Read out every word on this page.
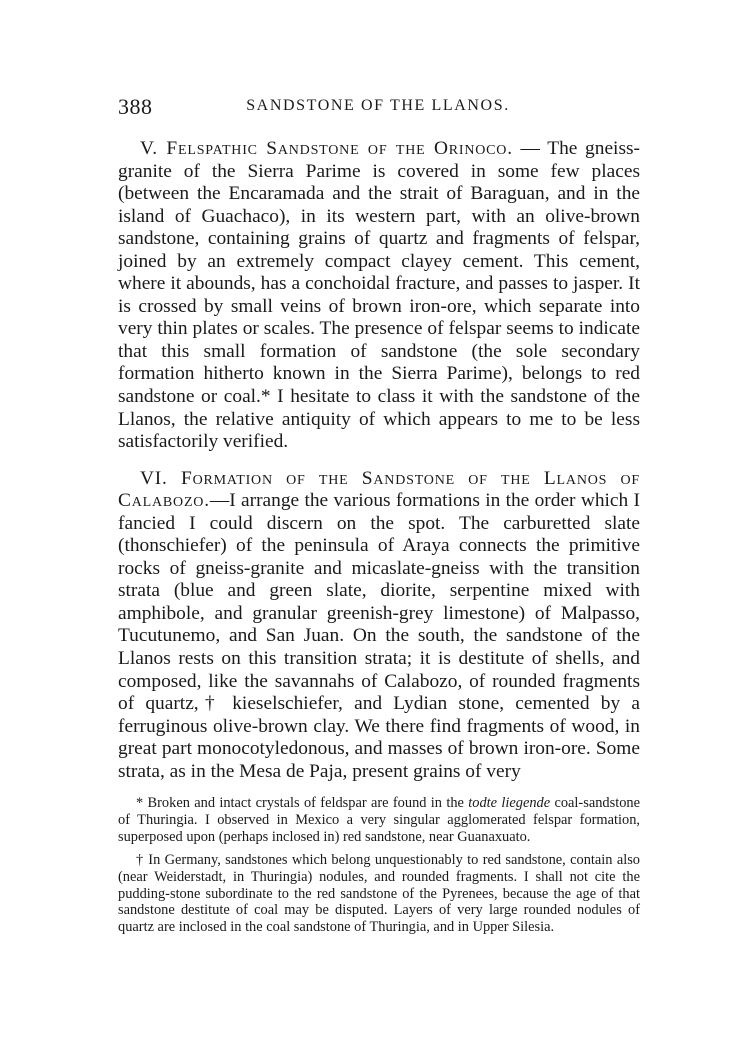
388	SANDSTONE OF THE LLANOS.

V. Felspathic Sandstone of the Orinoco. — The gneiss-granite of the Sierra Parime is covered in some few places (between the Encaramada and the strait of Baraguan, and in the island of Guachaco), in its western part, with an olive-brown sandstone, containing grains of quartz and fragments of felspar, joined by an extremely compact clayey cement. This cement, where it abounds, has a conchoidal fracture, and passes to jasper. It is crossed by small veins of brown iron-ore, which separate into very thin plates or scales. The presence of felspar seems to indicate that this small formation of sandstone (the sole secondary formation hitherto known in the Sierra Parime), belongs to red sandstone or coal.* I hesitate to class it with the sandstone of the Llanos, the relative antiquity of which appears to me to be less satisfactorily verified.

VI. Formation of the Sandstone of the Llanos of Calabozo.—I arrange the various formations in the order which I fancied I could discern on the spot. The carburetted slate (thonschiefer) of the peninsula of Araya connects the primitive rocks of gneiss-granite and micaslate-gneiss with the transition strata (blue and green slate, diorite, serpentine mixed with amphibole, and granular greenish-grey limestone) of Malpasso, Tucutunemo, and San Juan. On the south, the sandstone of the Llanos rests on this transition strata; it is destitute of shells, and composed, like the savannahs of Calabozo, of rounded fragments of quartz,† kieselschiefer, and Lydian stone, cemented by a ferruginous olive-brown clay. We there find fragments of wood, in great part monocotyledonous, and masses of brown iron-ore. Some strata, as in the Mesa de Paja, present grains of very

* Broken and intact crystals of feldspar are found in the todte liegende coal-sandstone of Thuringia. I observed in Mexico a very singular agglomerated felspar formation, superposed upon (perhaps inclosed in) red sandstone, near Guanaxuato.

† In Germany, sandstones which belong unquestionably to red sandstone, contain also (near Weiderstadt, in Thuringia) nodules, and rounded fragments. I shall not cite the pudding-stone subordinate to the red sandstone of the Pyrenees, because the age of that sandstone destitute of coal may be disputed. Layers of very large rounded nodules of quartz are inclosed in the coal sandstone of Thuringia, and in Upper Silesia.
